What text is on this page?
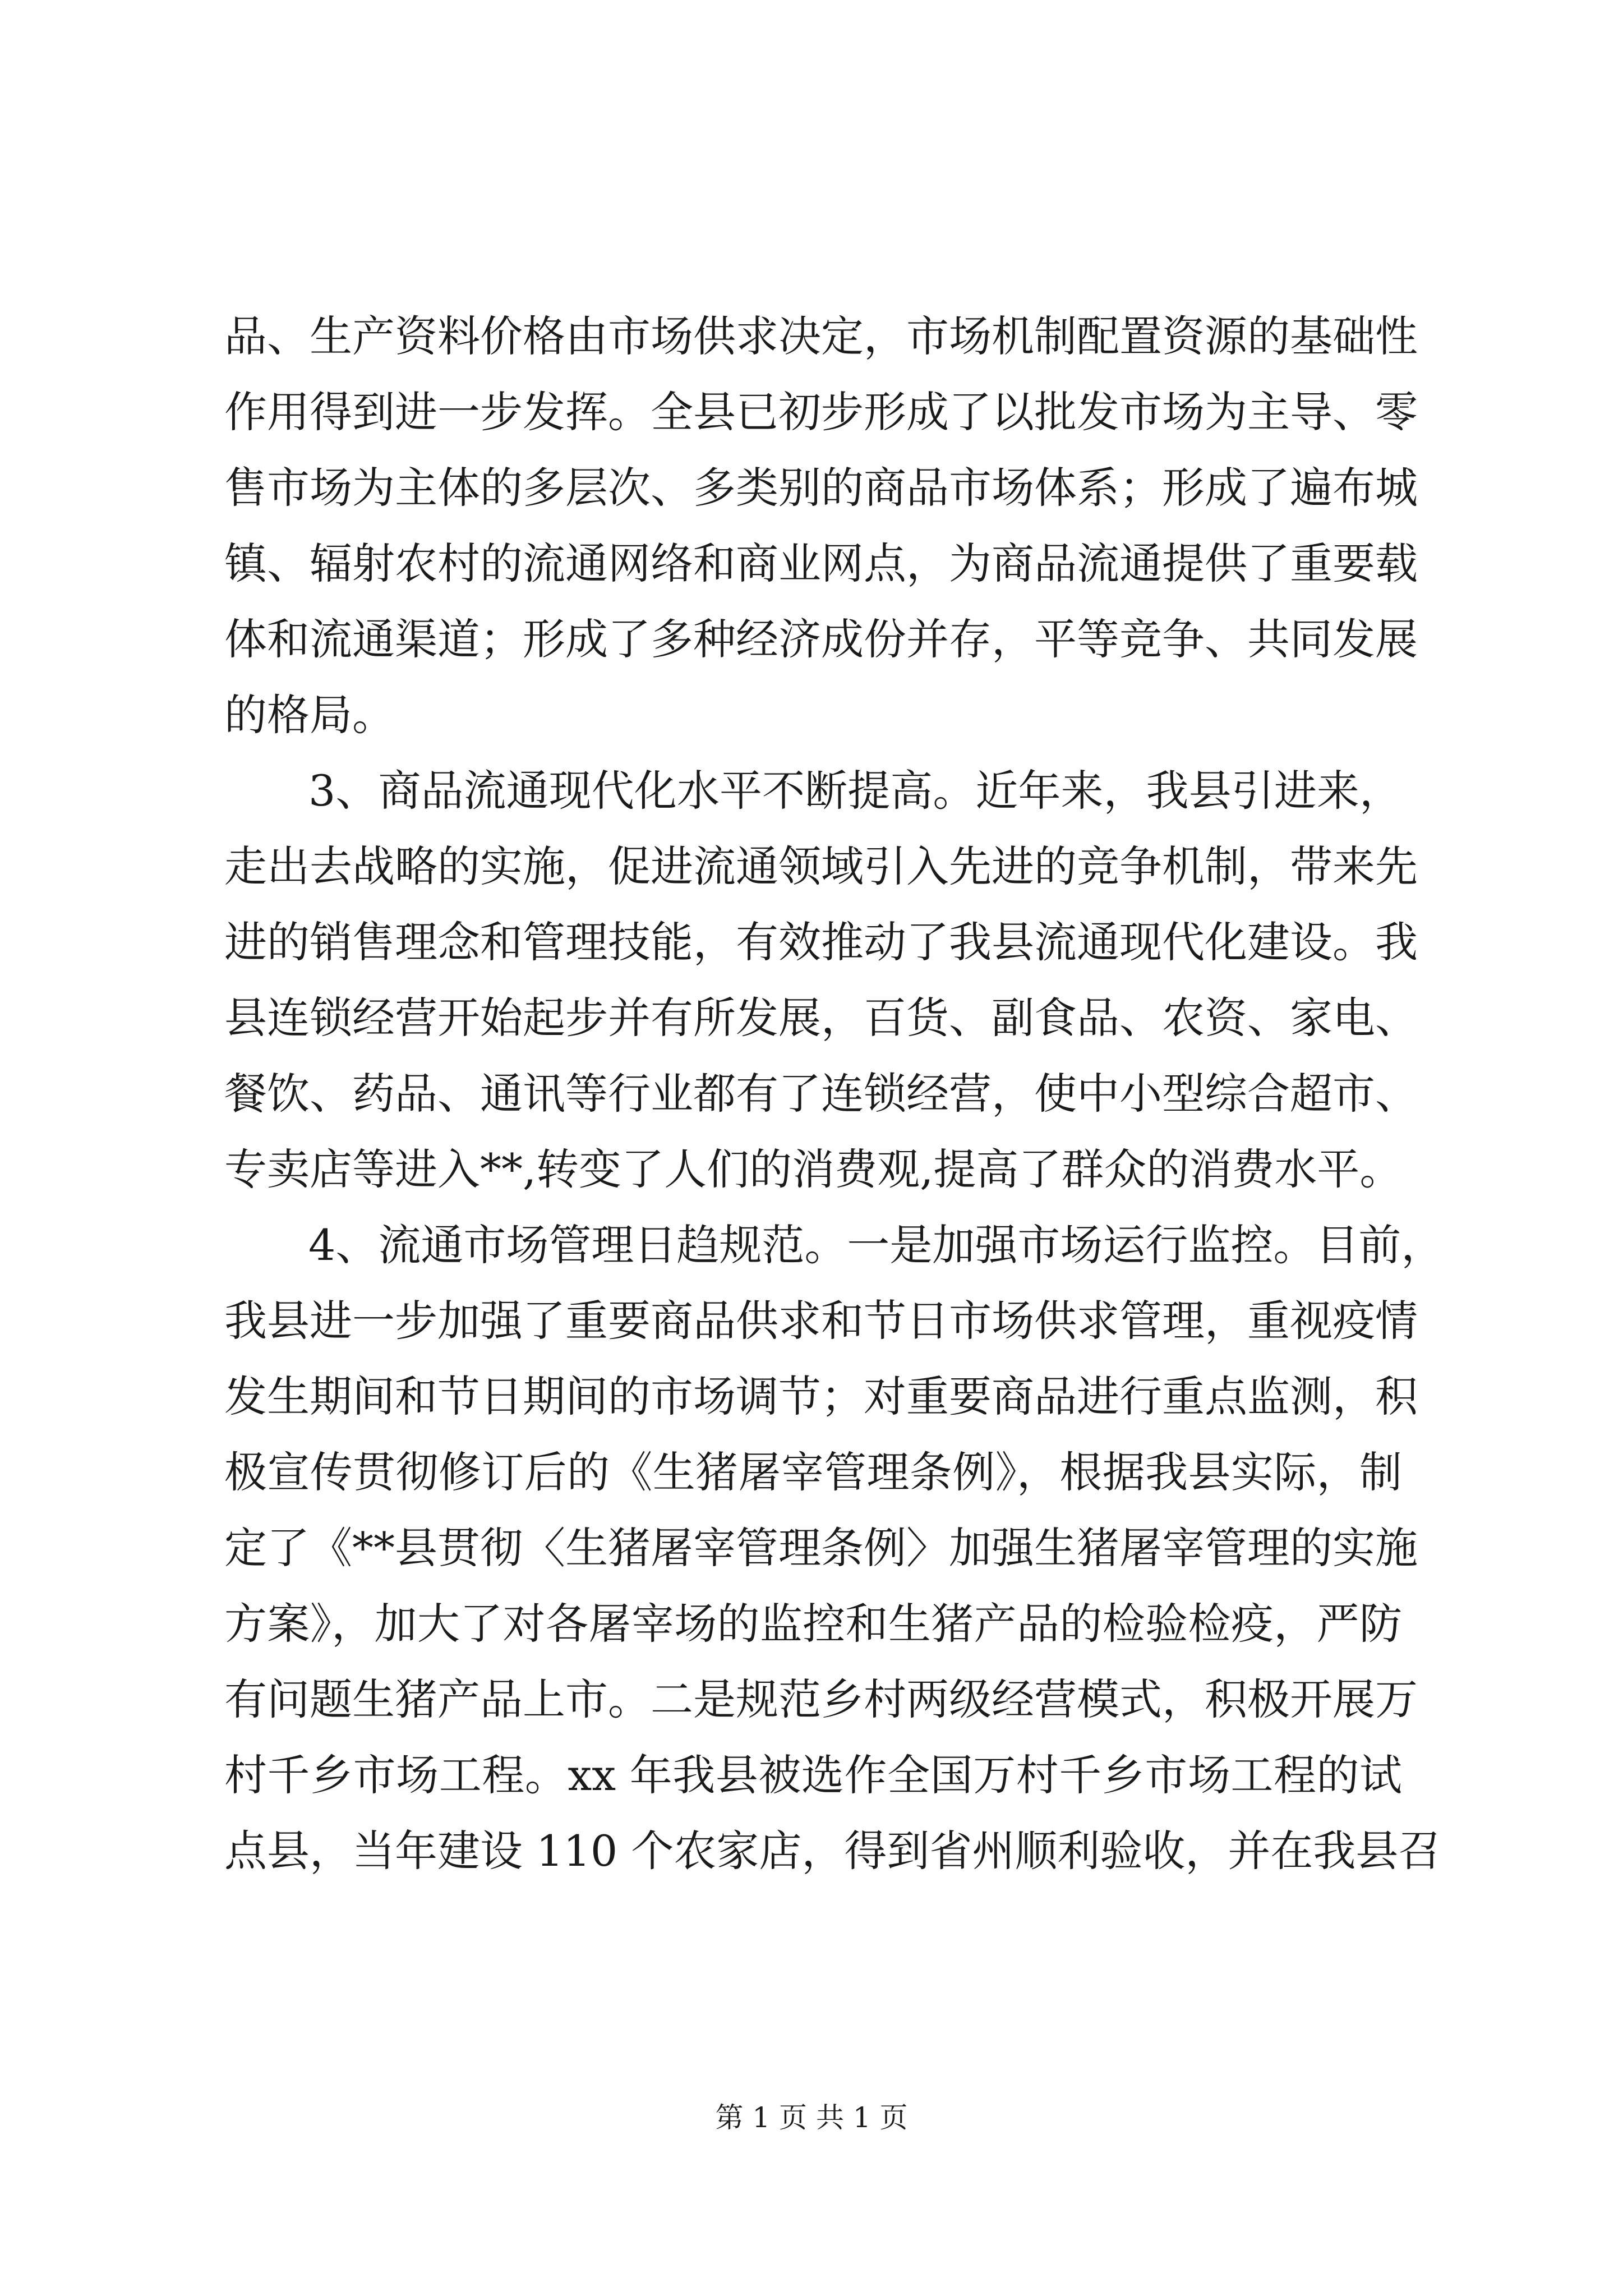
品、生产资料价格由市场供求决定，市场机制配置资源的基础性
作用得到进一步发挥。全县已初步形成了以批发市场为主导、零
售市场为主体的多层次、多类别的商品市场体系；形成了遍布城
镇、辐射农村的流通网络和商业网点，为商品流通提供了重要载
体和流通渠道；形成了多种经济成份并存，平等竞争、共同发展
的格局。
3、商品流通现代化水平不断提高。近年来，我县引进来，
走出去战略的实施，促进流通领域引入先进的竞争机制，带来先
进的销售理念和管理技能，有效推动了我县流通现代化建设。我
县连锁经营开始起步并有所发展，百货、副食品、农资、家电、
餐饮、药品、通讯等行业都有了连锁经营，使中小型综合超市、
专卖店等进入**,转变了人们的消费观,提高了群众的消费水平。
4、流通市场管理日趋规范。一是加强市场运行监控。目前，
我县进一步加强了重要商品供求和节日市场供求管理，重视疫情
发生期间和节日期间的市场调节；对重要商品进行重点监测，积
极宣传贯彻修订后的《生猪屠宰管理条例》，根据我县实际，制
定了《**县贯彻〈生猪屠宰管理条例〉加强生猪屠宰管理的实施
方案》，加大了对各屠宰场的监控和生猪产品的检验检疫，严防
有问题生猪产品上市。二是规范乡村两级经营模式，积极开展万
村千乡市场工程。xx 年我县被选作全国万村千乡市场工程的试
点县，当年建设 110 个农家店，得到省州顺利验收，并在我县召
第 1 页 共 1 页
